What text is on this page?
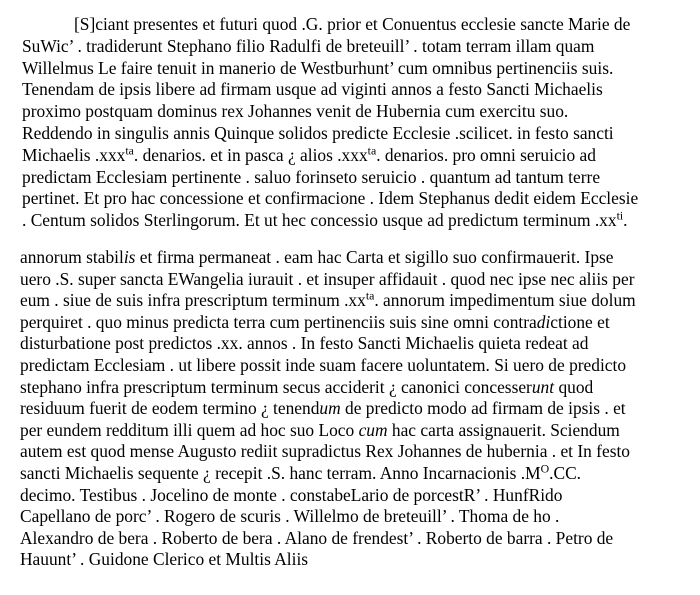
[S]ciant presentes et futuri quod .G. prior et Conuentus ecclesie sancte Marie de
SuWic’ . tradiderunt Stephano filio Radulfi de breteuill’ . totam terram illam quam
Willelmus Le faire tenuit in manerio de Westburhunt’ cum omnibus pertinenciis suis.
Tenendam de ipsis libere ad firmam usque ad viginti annos a festo Sancti Michaelis
proximo postquam dominus rex Johannes venit de Hubernia cum exercitu suo.
Reddendo in singulis annis Quinque solidos predicte Ecclesie .scilicet. in festo sancti
Michaelis .xxx$^{ta}$. denarios. et in pasca ¿ alios .xxx$^{ta}$. denarios. pro omni seruicio ad
predictam Ecclesiam pertinente . saluo forinseto seruicio . quantum ad tantum terre
pertinet. Et pro hac concessione et confirmacione . Idem Stephanus dedit eidem Ecclesie
. Centum solidos Sterlingorum. Et ut hec concessio usque ad predictum terminum $.xx^{ti}$.
annorum stabilis et firma permaneat . eam hac Carta et sigillo suo confirmauerit. Ipse
uero .S. super sancta EWangelia iurauit . et insuper affidauit . quod nec ipse nec aliis per
eum . siue de suis infra prescriptum terminum $.xx^{ta}$. annorum impedimentum siue dolum
perquiret . quo minus predicta terra cum pertinenciis suis sine omni contradictione et
disturbatione post predictos .xx. annos . In festo Sancti Michaelis quieta redeat ad
predictam Ecclesiam . ut libere possit inde suam facere uoluntatem. Si uero de predicto
stephano infra prescriptum terminum secus acciderit ¿ canonici concesserunt quod
residuum fuerit de eodem termino ¿ tenendum de predicto modo ad firmam de ipsis . et
per eundem redditum illi quem ad hoc suo Loco cum hac carta assignauerit. Sciendum
autem est quod mense Augusto rediit supradictus Rex Johannes de hubernia . et In festo
sancti Michaelis sequente ¿ recepit .S. hanc terram. Anno Incarnacionis $.M^O.CC$.
decimo. Testibus . Jocelino de monte . constabeLario de porcestR’ . HunfRido
Capellano de porc’ . Rogero de scuris . Willelmo de breteuill’ . Thoma de ho .
Alexandro de bera . Roberto de bera . Alano de frendest’ . Roberto de barra . Petro de
Hauunt’ . Guidone Clerico et Multis Aliis
